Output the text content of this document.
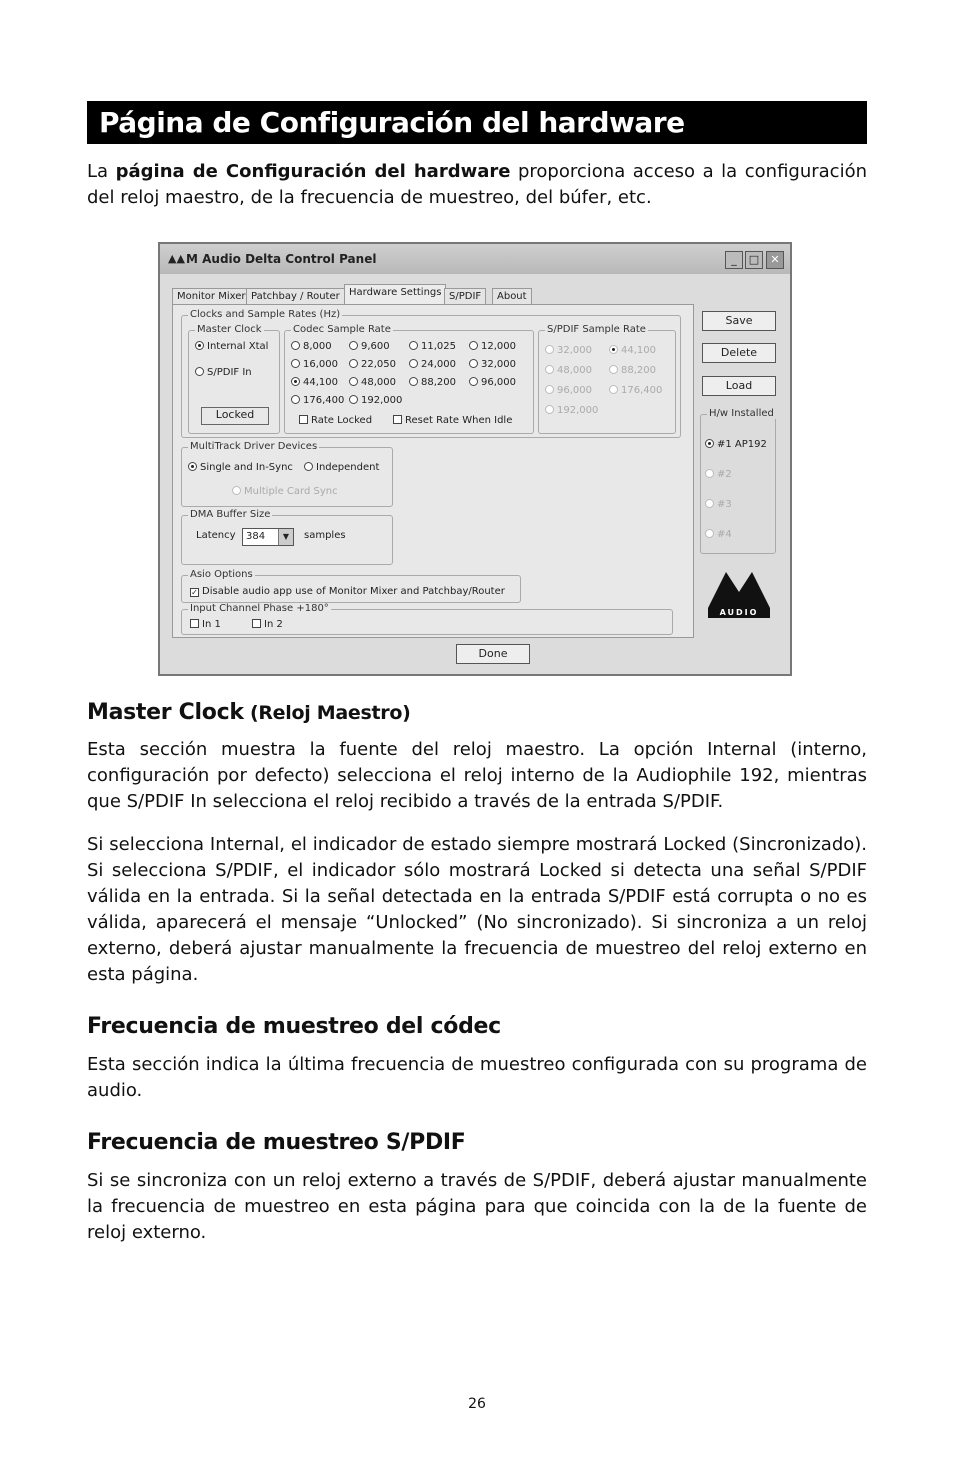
Página de Configuración del hardware

La página de Configuración del hardware proporciona acceso a la configuración del reloj maestro, de la frecuencia de muestreo, del búfer, etc.

▲▲ M Audio Delta Control Panel	_	□	✕
Monitor Mixer Patchbay / Router Hardware Settings S/PDIF	About
Clocks and Sample Rates (Hz)
Master Clock
Internal Xtal
S/PDIF In
Locked
Codec Sample Rate
8,000	9,600	11,025	12,000
16,000	22,050	24,000	32,000
44,100	48,000	88,200	96,000
176,400	192,000
Rate Locked	Reset Rate When Idle
S/PDIF Sample Rate
32,000	44,100
48,000	88,200
96,000	176,400
192,000
MultiTrack Driver Devices
Single and In-Sync	Independent
Multiple Card Sync
DMA Buffer Size
Latency	384	▼	samples
Asio Options
✓ Disable audio app use of Monitor Mixer and Patchbay/Router
Input Channel Phase +180°
In 1	In 2
Save
Delete
Load
H/w Installed
#1 AP192
#2
#3
#4
AUDIO
Done
Master Clock (Reloj Maestro)

Esta sección muestra la fuente del reloj maestro. La opción Internal (interno, configuración por defecto) selecciona el reloj interno de la Audiophile 192, mientras que S/PDIF In selecciona el reloj recibido a través de la entrada S/PDIF.

Si selecciona Internal, el indicador de estado siempre mostrará Locked (Sincronizado). Si selecciona S/PDIF, el indicador sólo mostrará Locked si detecta una señal S/PDIF válida en la entrada. Si la señal detectada en la entrada S/PDIF está corrupta o no es válida, aparecerá el mensaje “Unlocked” (No sincronizado). Si sincroniza a un reloj externo, deberá ajustar manualmente la frecuencia de muestreo del reloj externo en esta página.

Frecuencia de muestreo del códec

Esta sección indica la última frecuencia de muestreo configurada con su programa de audio.

Frecuencia de muestreo S/PDIF

Si se sincroniza con un reloj externo a través de S/PDIF, deberá ajustar manualmente la frecuencia de muestreo en esta página para que coincida con la de la fuente de reloj externo.

26
